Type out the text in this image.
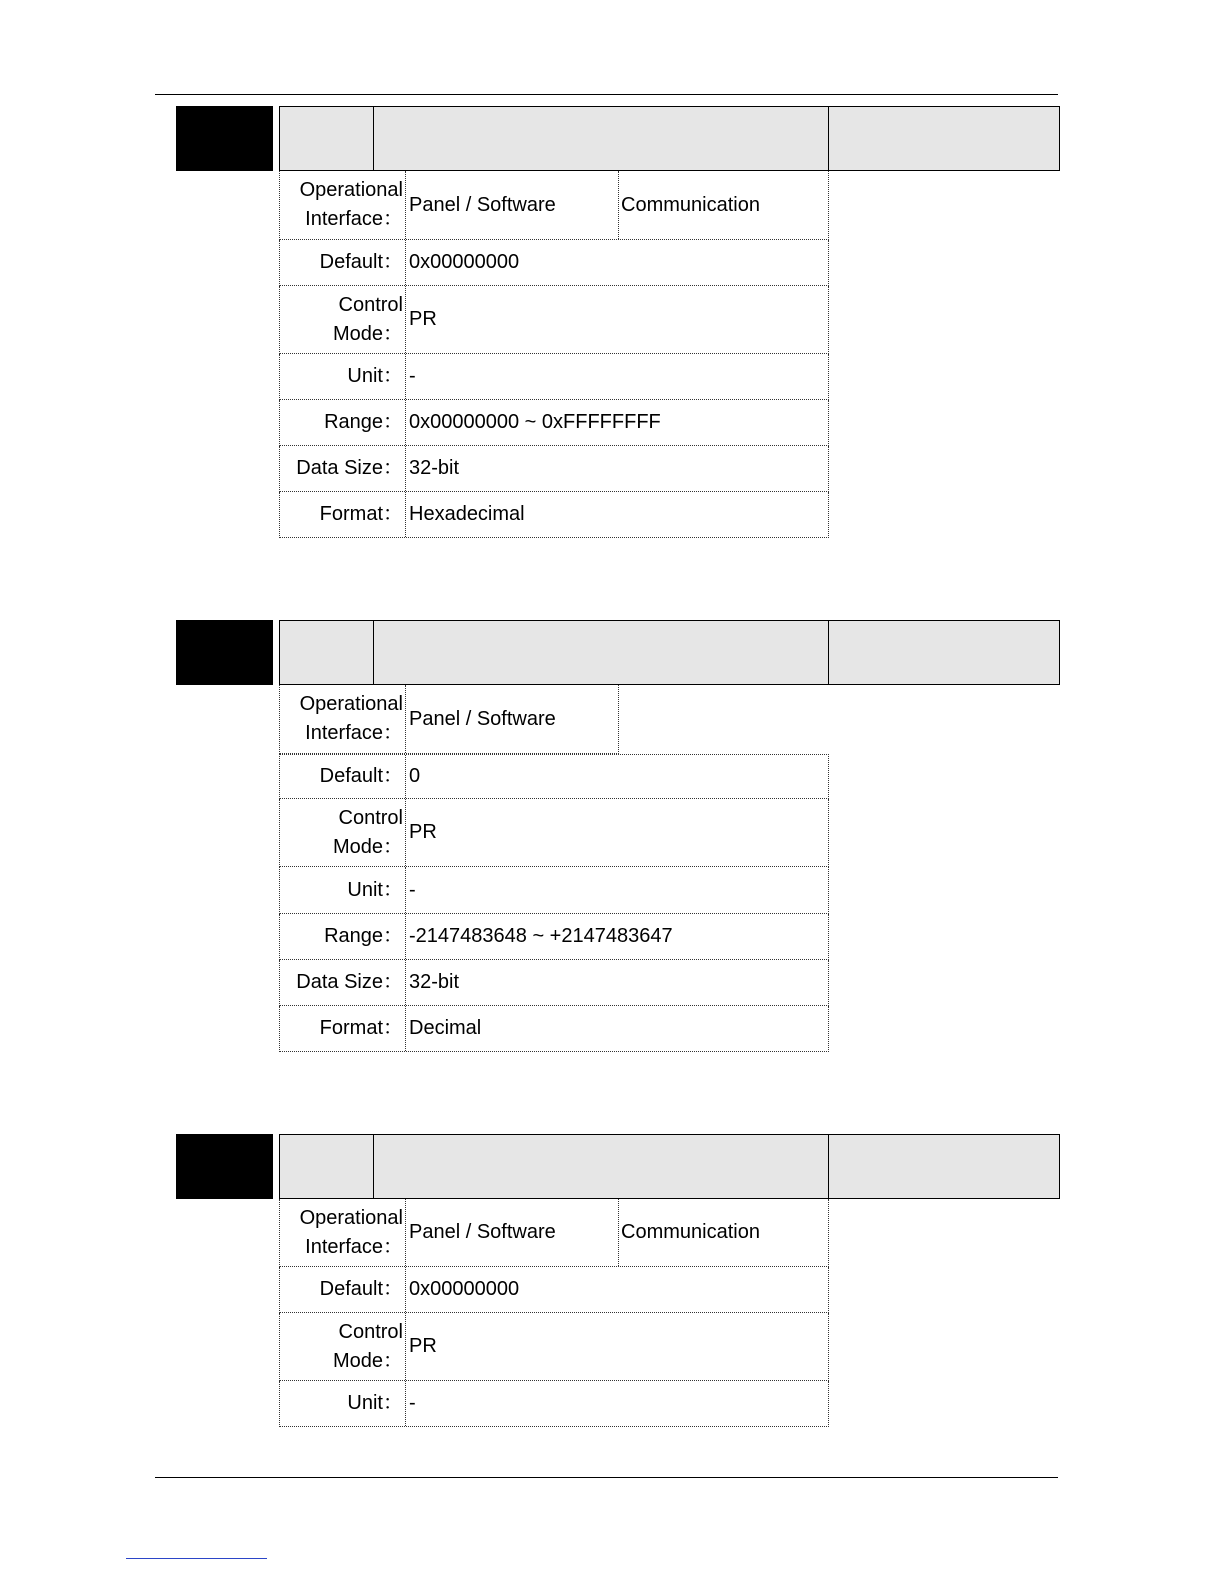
Operational
Interface：
Panel / Software	Communication
Default： 0x00000000
Control
Mode：
PR
Unit： -
Range： 0x00000000 ~ 0xFFFFFFFF
Data Size： 32-bit
Format： Hexadecimal
Operational
Interface：
Panel / Software
Default： 0
Control
Mode：
PR
Unit： -
Range： -2147483648 ~ +2147483647
Data Size： 32-bit
Format： Decimal
Operational
Interface：
Panel / Software	Communication
Default： 0x00000000
Control
Mode：
PR
Unit： -
